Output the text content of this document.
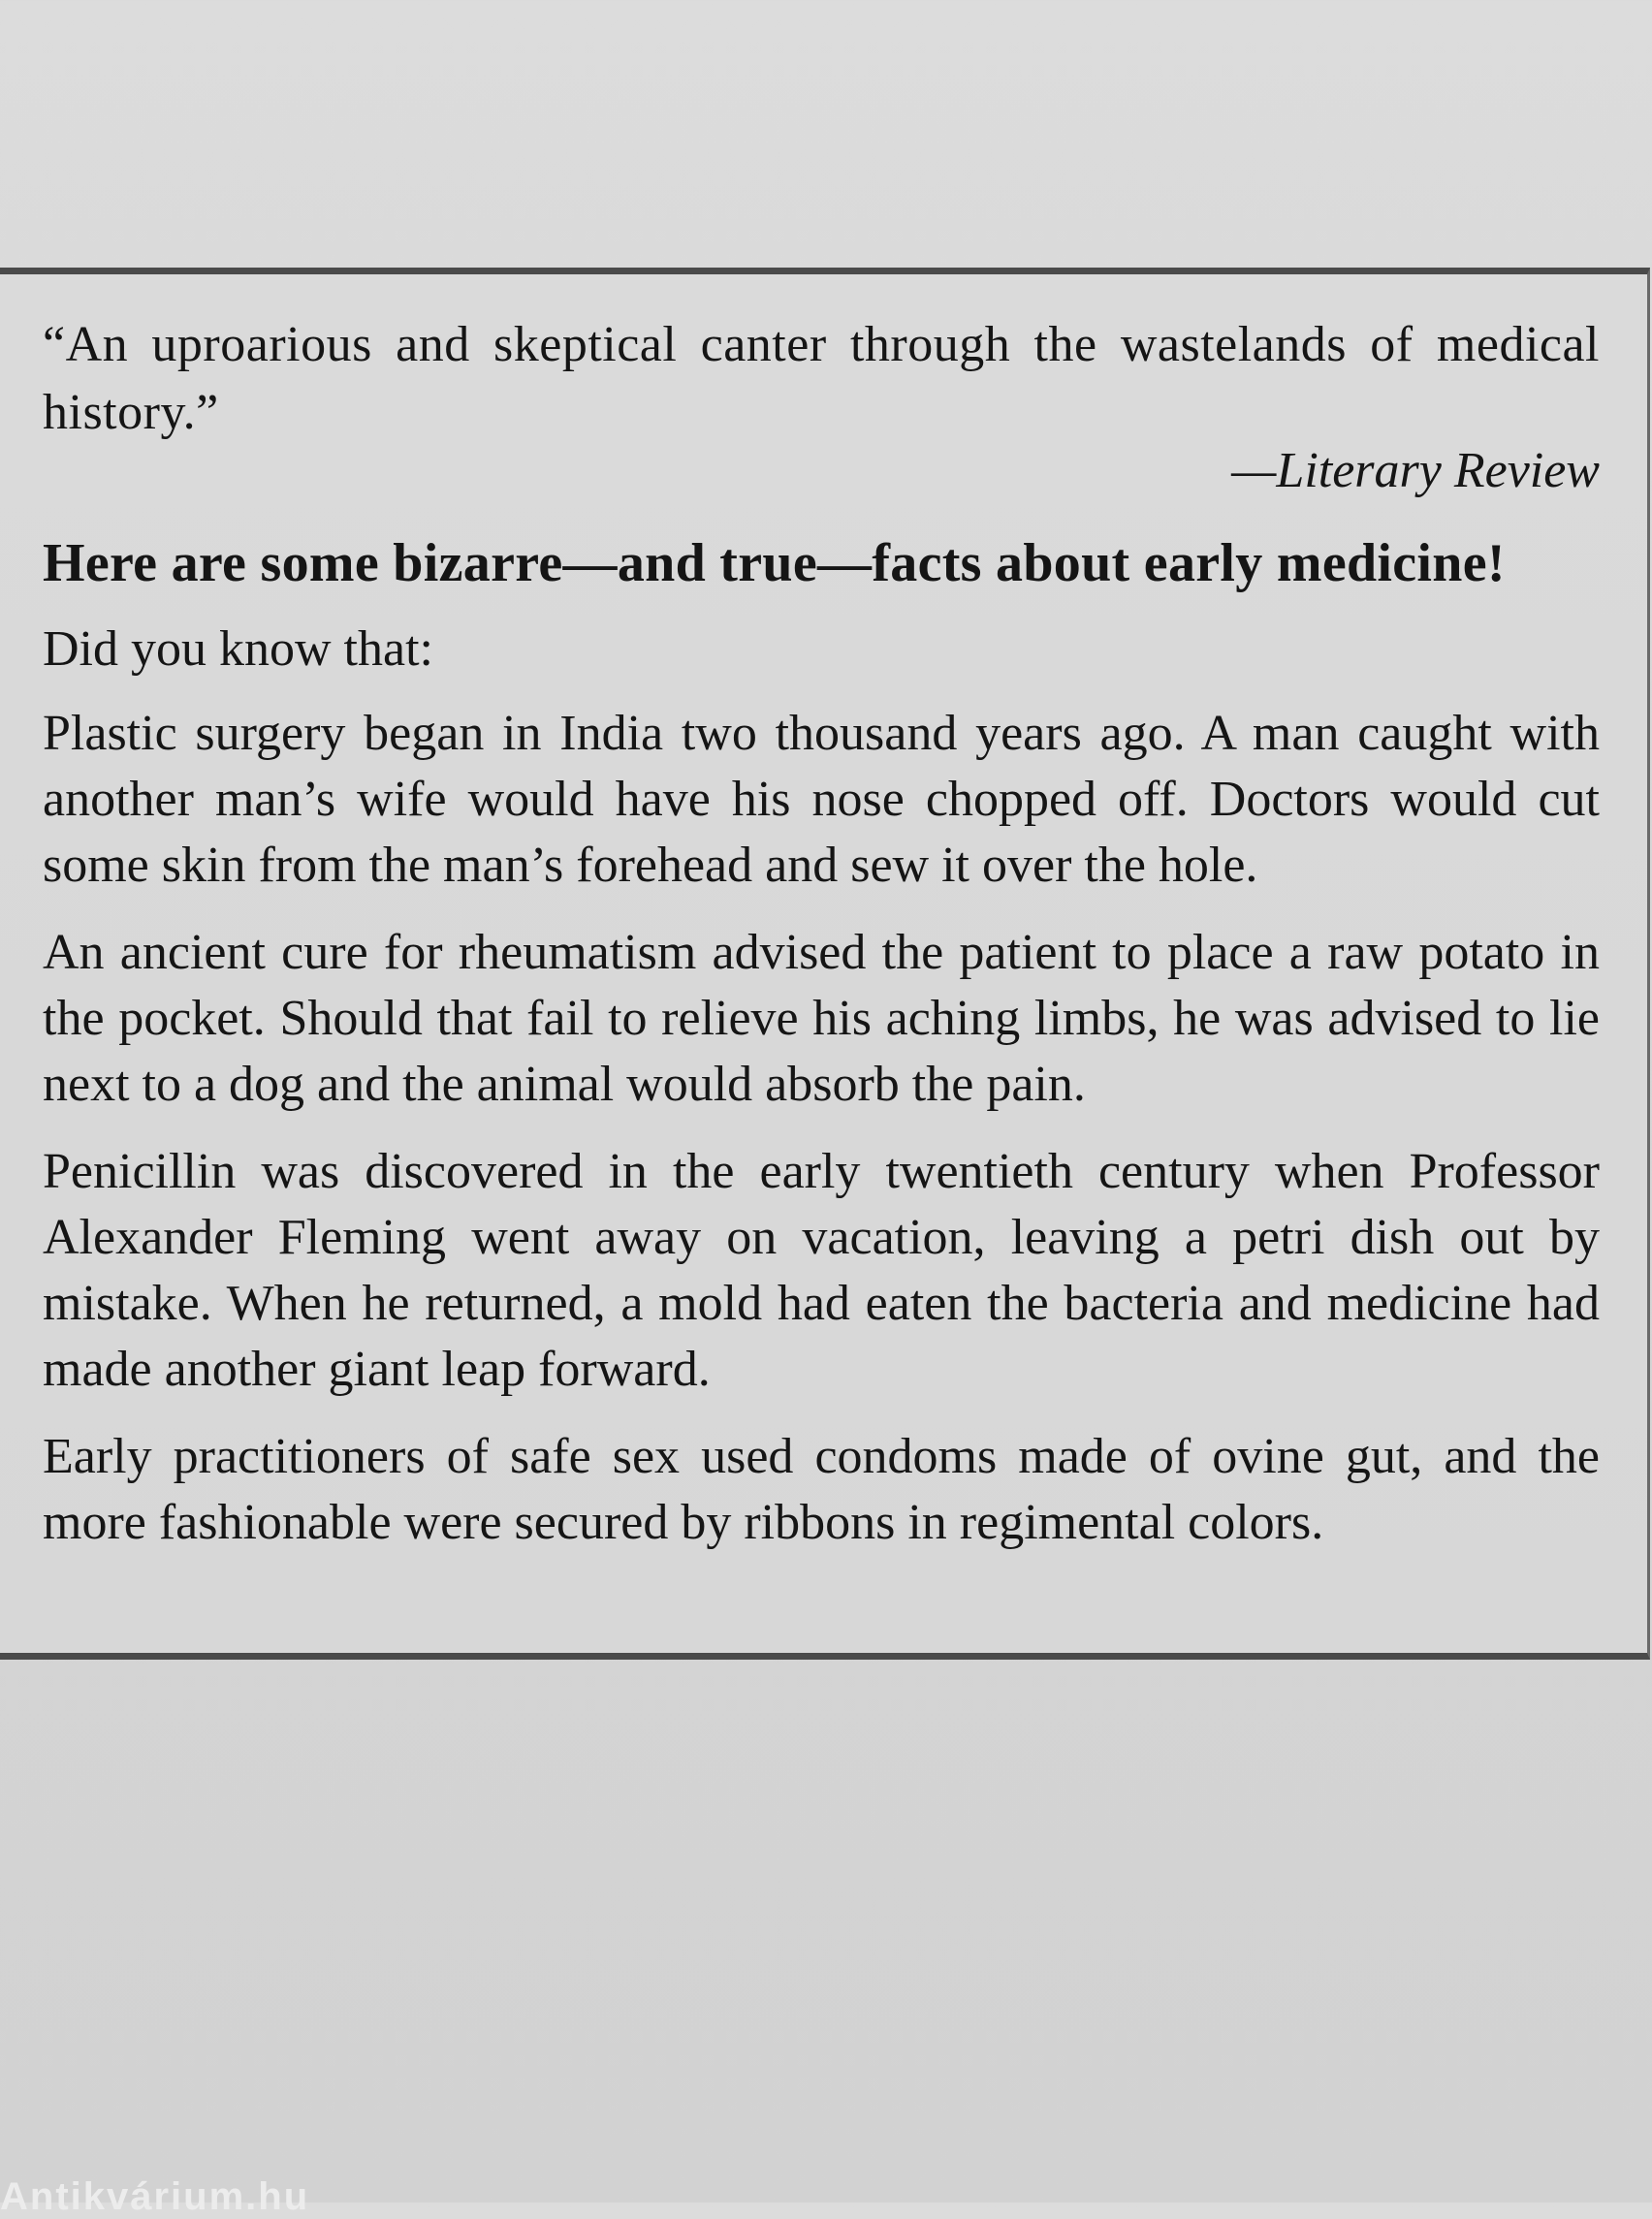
“An uproarious and skeptical canter through the wastelands of medical history.”

—Literary Review

Here are some bizarre—and true—facts about early medicine!

Did you know that:

Plastic surgery began in India two thousand years ago. A man caught with another man’s wife would have his nose chopped off. Doctors would cut some skin from the man’s forehead and sew it over the hole.

An ancient cure for rheumatism advised the patient to place a raw potato in the pocket. Should that fail to relieve his aching limbs, he was advised to lie next to a dog and the animal would absorb the pain.

Penicillin was discovered in the early twentieth century when Professor Alexander Fleming went away on vacation, leaving a petri dish out by mistake. When he returned, a mold had eaten the bacteria and medicine had made another giant leap forward.

Early practitioners of safe sex used condoms made of ovine gut, and the more fashionable were secured by ribbons in regimental colors.

Antikvárium.hu
